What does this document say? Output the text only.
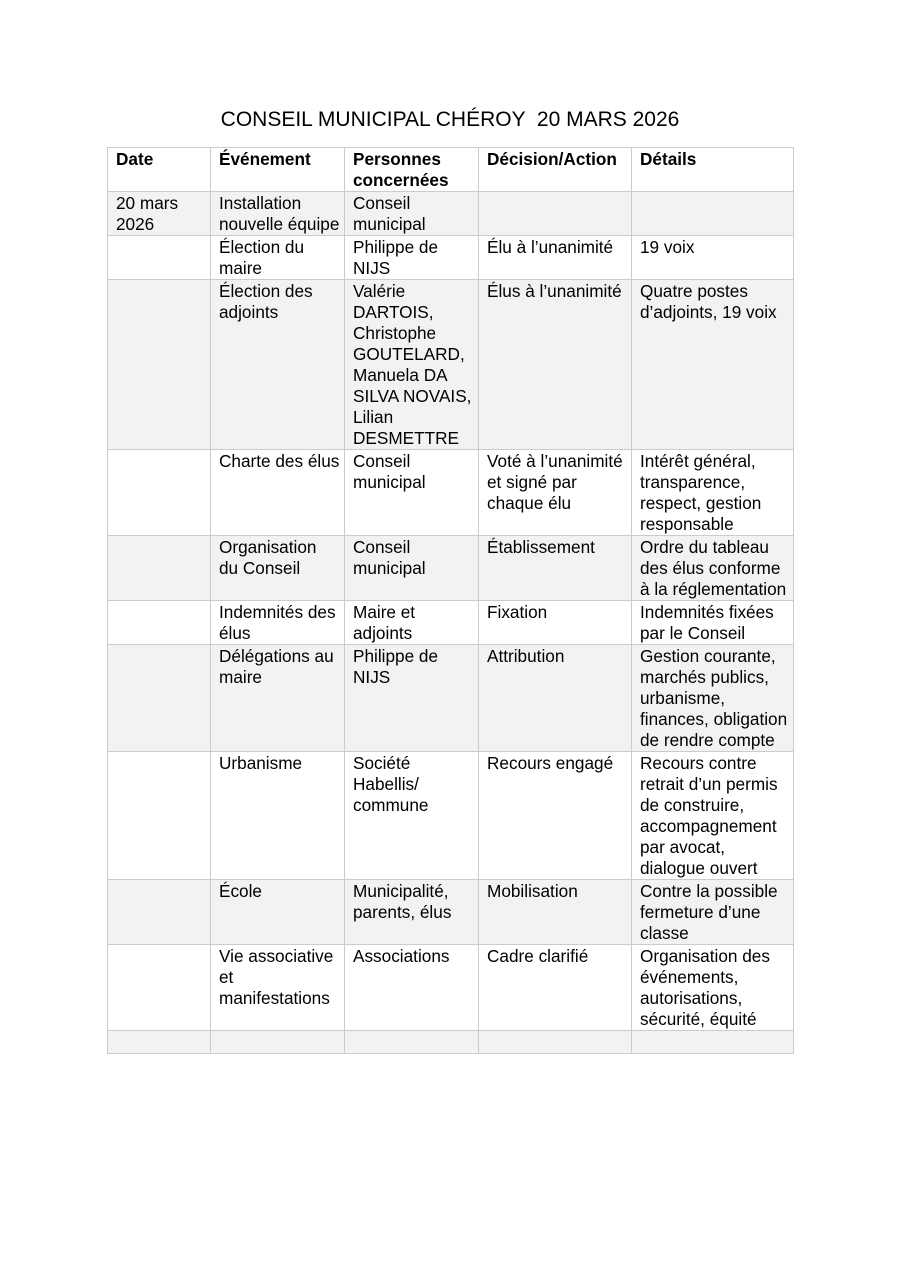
CONSEIL MUNICIPAL CHÉROY  20 MARS 2026
Date	Événement	Personnes concernées	Décision/Action	Détails
20 mars 2026	Installation nouvelle équipe	Conseil municipal		
	Élection du maire	Philippe de NIJS	Élu à l’unanimité	19 voix
	Élection des adjoints	Valérie DARTOIS, Christophe GOUTELARD, Manuela DA SILVA NOVAIS, Lilian DESMETTRE	Élus à l’unanimité	Quatre postes d’adjoints, 19 voix
	Charte des élus	Conseil municipal	Voté à l’unanimité et signé par chaque élu	Intérêt général, transparence, respect, gestion responsable
	Organisation du Conseil	Conseil municipal	Établissement	Ordre du tableau des élus conforme à la réglementation
	Indemnités des élus	Maire et adjoints	Fixation	Indemnités fixées par le Conseil
	Délégations au maire	Philippe de NIJS	Attribution	Gestion courante, marchés publics, urbanisme, finances, obligation de rendre compte
	Urbanisme	Société Habellis/ commune	Recours engagé	Recours contre retrait d’un permis de construire, accompagnement par avocat, dialogue ouvert
	École	Municipalité, parents, élus	Mobilisation	Contre la possible fermeture d’une classe
	Vie associative et manifestations	Associations	Cadre clarifié	Organisation des événements, autorisations, sécurité, équité
